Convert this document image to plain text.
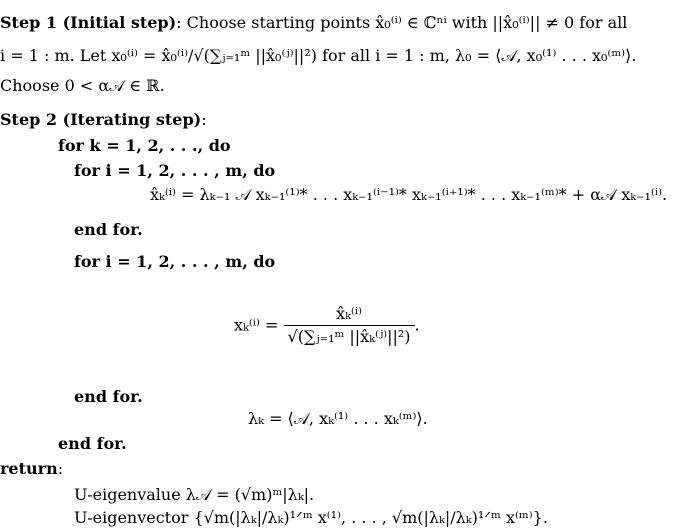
Step 1 (Initial step): Choose starting points x̂₀⁽ⁱ⁾ ∈ ℂⁿⁱ with ||x̂₀⁽ⁱ⁾|| ≠ 0 for all
i = 1 : m. Let x₀⁽ⁱ⁾ = x̂₀⁽ⁱ⁾/√(∑ⱼ₌₁ᵐ ||x̂₀⁽ʲ⁾||²) for all i = 1 : m, λ₀ = ⟨𝒜, x₀⁽¹⁾ . . . x₀⁽ᵐ⁾⟩.
Choose 0 < α𝒜 ∈ ℝ.
Step 2 (Iterating step):
for k = 1, 2, . . ., do
for i = 1, 2, . . . , m, do
x̂ₖ⁽ⁱ⁾ = λₖ₋₁ 𝒜 xₖ₋₁⁽¹⁾* . . . xₖ₋₁⁽ⁱ⁻¹⁾* xₖ₋₁⁽ⁱ⁺¹⁾* . . . xₖ₋₁⁽ᵐ⁾* + α𝒜 xₖ₋₁⁽ⁱ⁾.
end for.
for i = 1, 2, . . . , m, do
$x_k^{(i)} = \frac{\text{x̂ₖ⁽ⁱ⁾}}{\text{√(∑ⱼ₌₁ᵐ ||x̂ₖ⁽ʲ⁾||²)}}$ .
end for.
λₖ = ⟨𝒜, xₖ⁽¹⁾ . . . xₖ⁽ᵐ⁾⟩.
end for.
return:
U-eigenvalue λ𝒜 = (√m)ᵐ|λₖ|.
U-eigenvector {√m(|λₖ|/λₖ)¹ᐟᵐ x⁽¹⁾, . . . , √m(|λₖ|/λₖ)¹ᐟᵐ x⁽ᵐ⁾}.
